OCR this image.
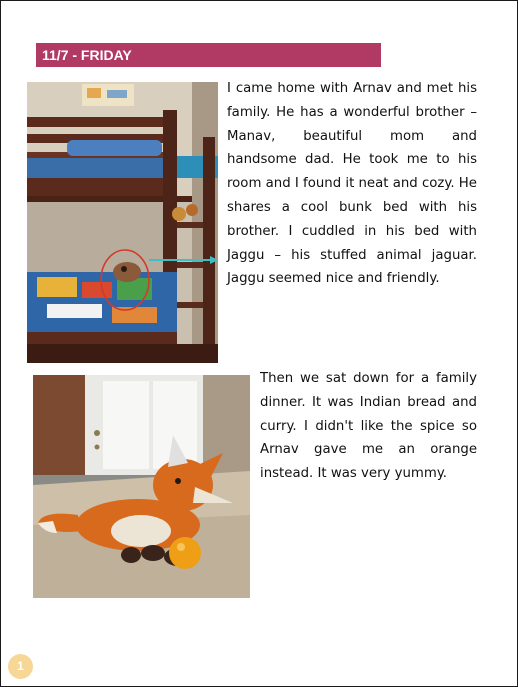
11/7 - FRIDAY

I came home with Arnav and met his family. He has a wonderful brother – Manav, beautiful mom and handsome dad. He took me to his room and I found it neat and cozy. He shares a cool bunk bed with his brother. I cuddled in his bed with Jaggu – his stuffed animal jaguar. Jaggu seemed nice and friendly.

Then we sat down for a family dinner. It was Indian bread and curry. I didn't like the spice so Arnav gave me an orange instead. It was very yummy.

1
